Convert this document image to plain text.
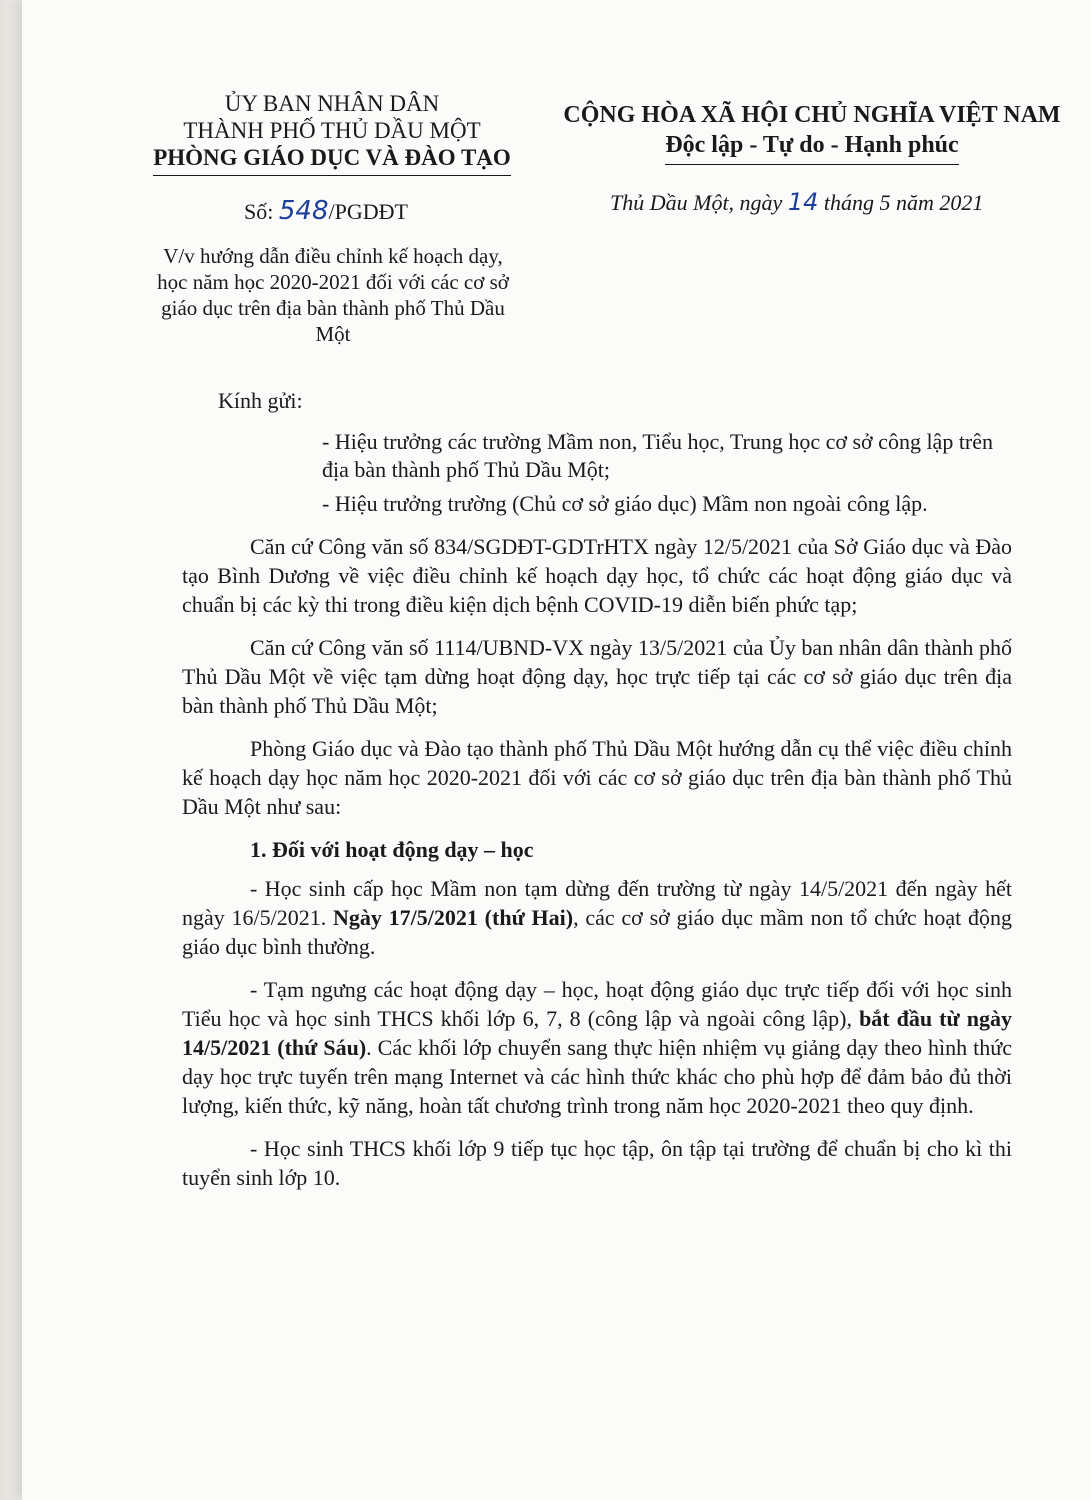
ỦY BAN NHÂN DÂN
THÀNH PHỐ THỦ DẦU MỘT
PHÒNG GIÁO DỤC VÀ ĐÀO TẠO
CỘNG HÒA XÃ HỘI CHỦ NGHĨA VIỆT NAM
Độc lập - Tự do - Hạnh phúc
Số: 548/PGDĐT	Thủ Dầu Một, ngày 14 tháng 5 năm 2021
V/v hướng dẫn điều chỉnh kế hoạch dạy, học năm học 2020-2021 đối với các cơ sở giáo dục trên địa bàn thành phố Thủ Dầu Một
Kính gửi:

- Hiệu trưởng các trường Mầm non, Tiểu học, Trung học cơ sở công lập trên địa bàn thành phố Thủ Dầu Một;

- Hiệu trưởng trường (Chủ cơ sở giáo dục) Mầm non ngoài công lập.

Căn cứ Công văn số 834/SGDĐT-GDTrHTX ngày 12/5/2021 của Sở Giáo dục và Đào tạo Bình Dương về việc điều chỉnh kế hoạch dạy học, tổ chức các hoạt động giáo dục và chuẩn bị các kỳ thi trong điều kiện dịch bệnh COVID-19 diễn biến phức tạp;

Căn cứ Công văn số 1114/UBND-VX ngày 13/5/2021 của Ủy ban nhân dân thành phố Thủ Dầu Một về việc tạm dừng hoạt động dạy, học trực tiếp tại các cơ sở giáo dục trên địa bàn thành phố Thủ Dầu Một;

Phòng Giáo dục và Đào tạo thành phố Thủ Dầu Một hướng dẫn cụ thể việc điều chỉnh kế hoạch dạy học năm học 2020-2021 đối với các cơ sở giáo dục trên địa bàn thành phố Thủ Dầu Một như sau:

1. Đối với hoạt động dạy – học

- Học sinh cấp học Mầm non tạm dừng đến trường từ ngày 14/5/2021 đến ngày hết ngày 16/5/2021. Ngày 17/5/2021 (thứ Hai), các cơ sở giáo dục mầm non tổ chức hoạt động giáo dục bình thường.

- Tạm ngưng các hoạt động dạy – học, hoạt động giáo dục trực tiếp đối với học sinh Tiểu học và học sinh THCS khối lớp 6, 7, 8 (công lập và ngoài công lập), bắt đầu từ ngày 14/5/2021 (thứ Sáu). Các khối lớp chuyển sang thực hiện nhiệm vụ giảng dạy theo hình thức dạy học trực tuyến trên mạng Internet và các hình thức khác cho phù hợp để đảm bảo đủ thời lượng, kiến thức, kỹ năng, hoàn tất chương trình trong năm học 2020-2021 theo quy định.

- Học sinh THCS khối lớp 9 tiếp tục học tập, ôn tập tại trường để chuẩn bị cho kì thi tuyển sinh lớp 10.
